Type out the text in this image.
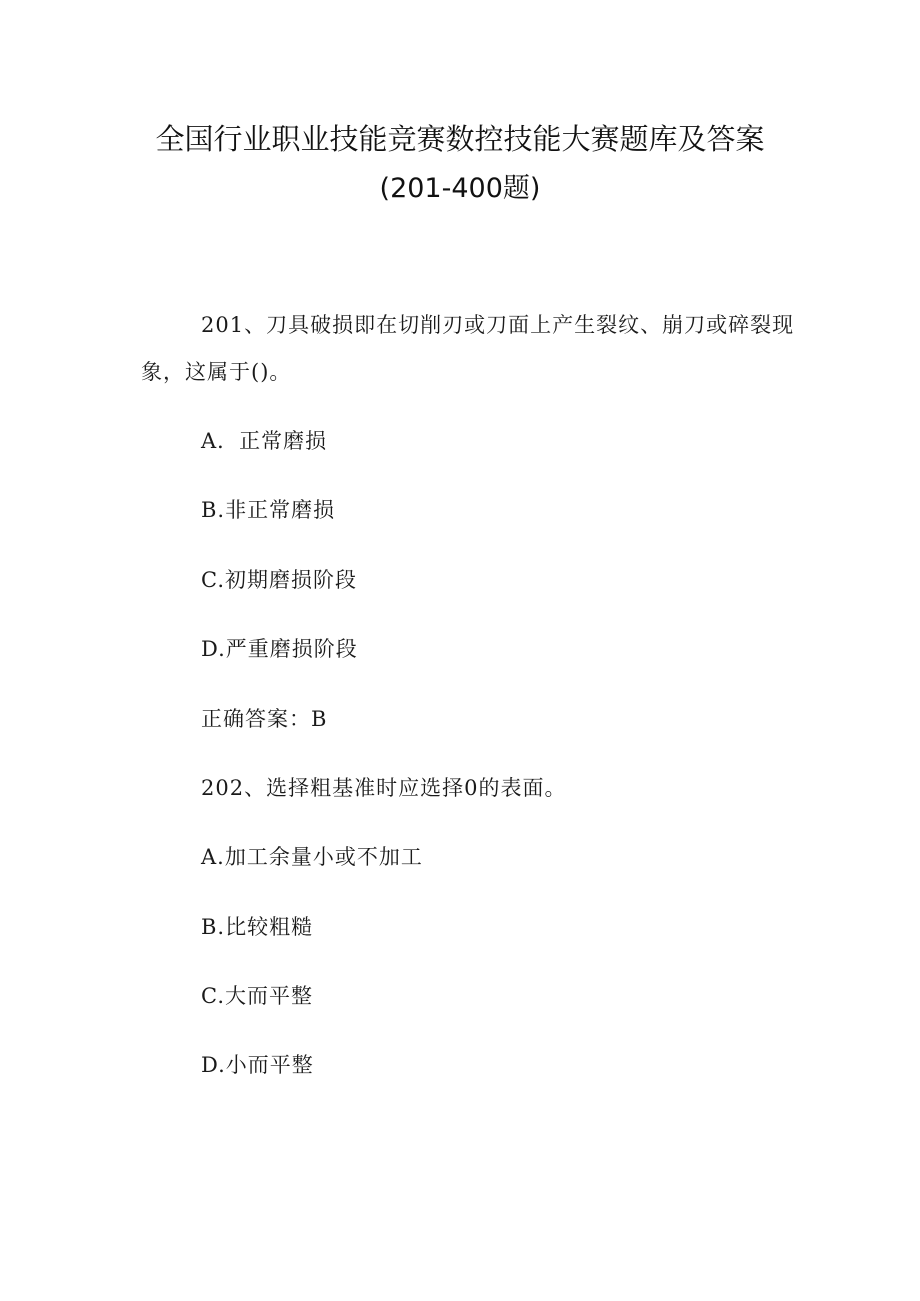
全国行业职业技能竞赛数控技能大赛题库及答案
(201-400题)
201、刀具破损即在切削刃或刀面上产生裂纹、崩刀或碎裂现
象，这属于()。
A．正常磨损
B.非正常磨损
C.初期磨损阶段
D.严重磨损阶段
正确答案：B
202、选择粗基准时应选择0的表面。
A.加工余量小或不加工
B.比较粗糙
C.大而平整
D.小而平整
